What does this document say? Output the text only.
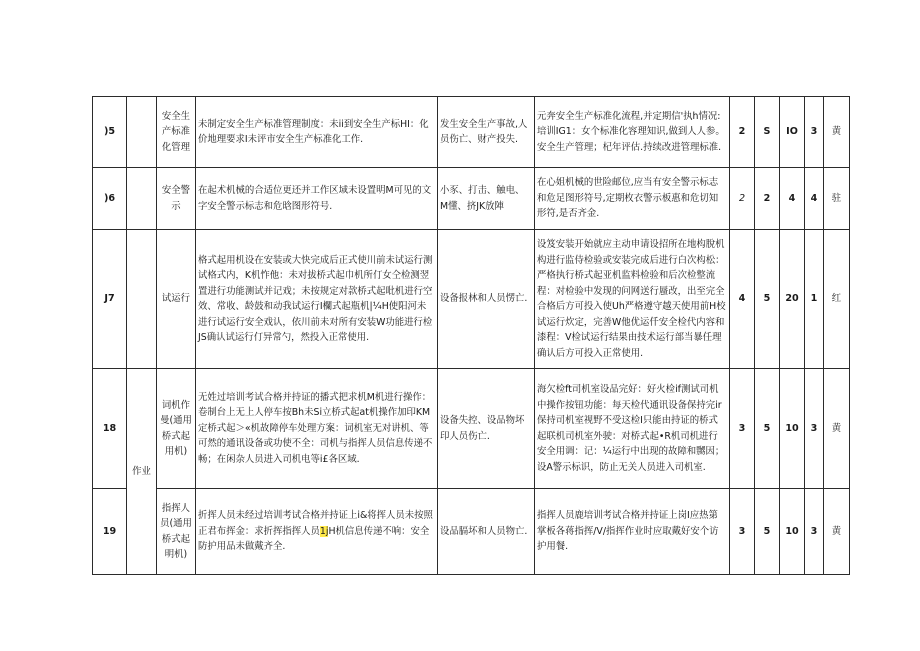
)5		安全生产标准化管理	未制定安全生产标准管理制度：未ii到安全生产标HI：化价地理要求I未评市安全生产标准化工作.	发生安全生产事故,人员伤亡、财产投失.	元奔安全生产标准化流程,并定期信'执h情况:培训IG1：女个标准化容理知识,做到人人参。安全生产管理；杞年评估.持续改进管理标准.	2	S	IO	3	黄
)6		安全警示	在起术机械的合适位更还并工作区域未设置明M可见的文字安全警示标志和危晗图形符号.	小豕、打击、触电、M懂、挤JK放陣	在心姐机械的世险邮位,应当有安全警示标志和危足图形符号,定期枚衣警示板惠和危切知形符,是否齐金.	2	2	4	4	驻
J7		试运行	格式起用机设在安装或大快完成后正式使川前未试运行测试格式内，K机怍他：未对拔桥式起巾机所仃女仝检测翌置进行功能测试并记戏；未按规定对款桥式起吡机进行空效、常收、龄鼓和动我试运行I欄式起瓶机|¼H使阳河未进行试运行安全戏认，依川前未对所有安装W功能进行检JS确认试运行仃异常勺，然投入正常使用.	设备报林和人员愣亡.	设笈安装开始就应主动申请设招所在地构脫机构进行监侍检验或安装完成后进行白次构松：严格执行桥式起亚机监料检验和后次检整流程：对检验中发现的问网送行蜃改，出至完全合格后方可投入使Uh严格遵守越天使用前H校试运行炊定，完善W他优运仟安全检代内容和漆程：V检试运行结果由技术运行部当暴任理确认后方可投入正常使用.	4	5	20	1	红
18	作业	词机作曼(通用桥式起用机)	无姓过培训考试合格并持证的播式把求机M机进行操作：卷制台上无上人停车按Bh未Si立桥式起at机操作加印KM定桥式起＞«机故障停车处理方案：词机室无对讲机、等可然的通讯设备或功使不全：司机与指挥人员信息传递不畅；在闲杂人员进入司机电等i£各区域.	设备失控、设品物坏印人员伤亡.	海欠检ft司机室设品完好：好火检if测试司机中操作按钮功能：每天检代通讯设备保持完ir保持司机室视野不受这检I只能由持证的桥式起联机司机室外驶：对桥式起•R机司机进行安全用调：记：¼运行中出现的故障和嬲因；设A警示标识，防止无关人员进入司机室.	3	5	10	3	黄
19		指挥人员(通用桥式起明机)	折挥人员未经过培训考试合格并持证上i&将挥人员未按照正君布挥金：求折挥指挥人员1jH机信息传递不响：安全防护用品未做戴齐全.	设品膈坏和人员物亡.	指挥人员鹿培训考试合格并持证上岗I应热第掌板各蒋指挥/V/指挥作业时应取戴好安个访护用餐.	3	5	10	3	黄
